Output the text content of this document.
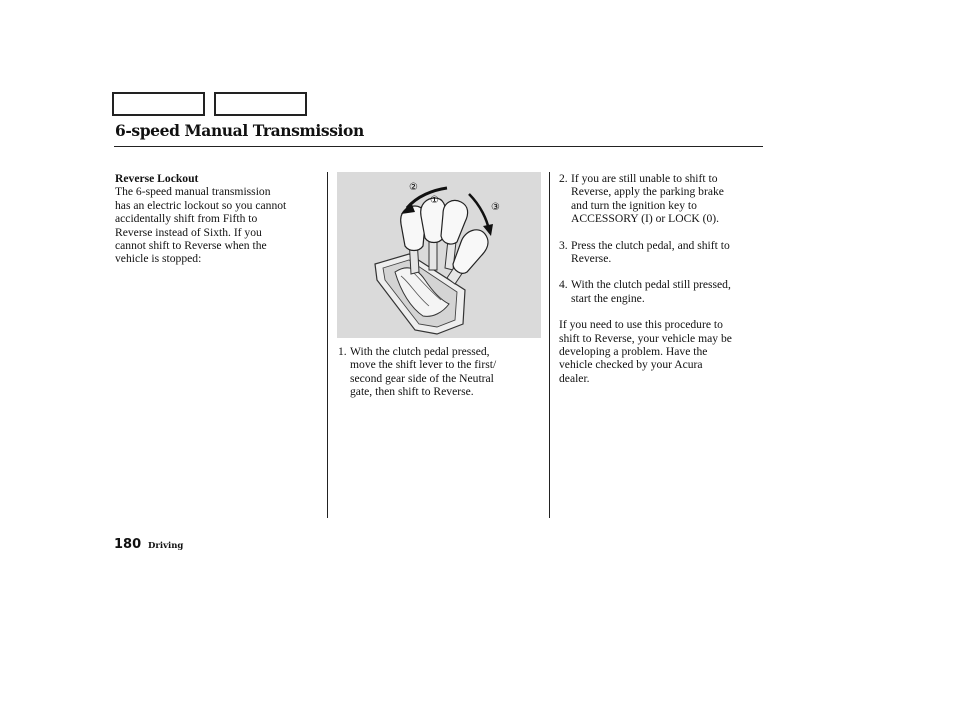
6-speed Manual Transmission
Reverse Lockout
The 6-speed manual transmission
has an electric lockout so you cannot
accidentally shift from Fifth to
Reverse instead of Sixth. If you
cannot shift to Reverse when the
vehicle is stopped:
②
①
③
1. With the clutch pedal pressed,
move the shift lever to the first/
second gear side of the Neutral
gate, then shift to Reverse.
2. If you are still unable to shift to
Reverse, apply the parking brake
and turn the ignition key to
ACCESSORY (I) or LOCK (0).
3. Press the clutch pedal, and shift to
Reverse.
4. With the clutch pedal still pressed,
start the engine.
If you need to use this procedure to
shift to Reverse, your vehicle may be
developing a problem. Have the
vehicle checked by your Acura
dealer.
180 Driving
